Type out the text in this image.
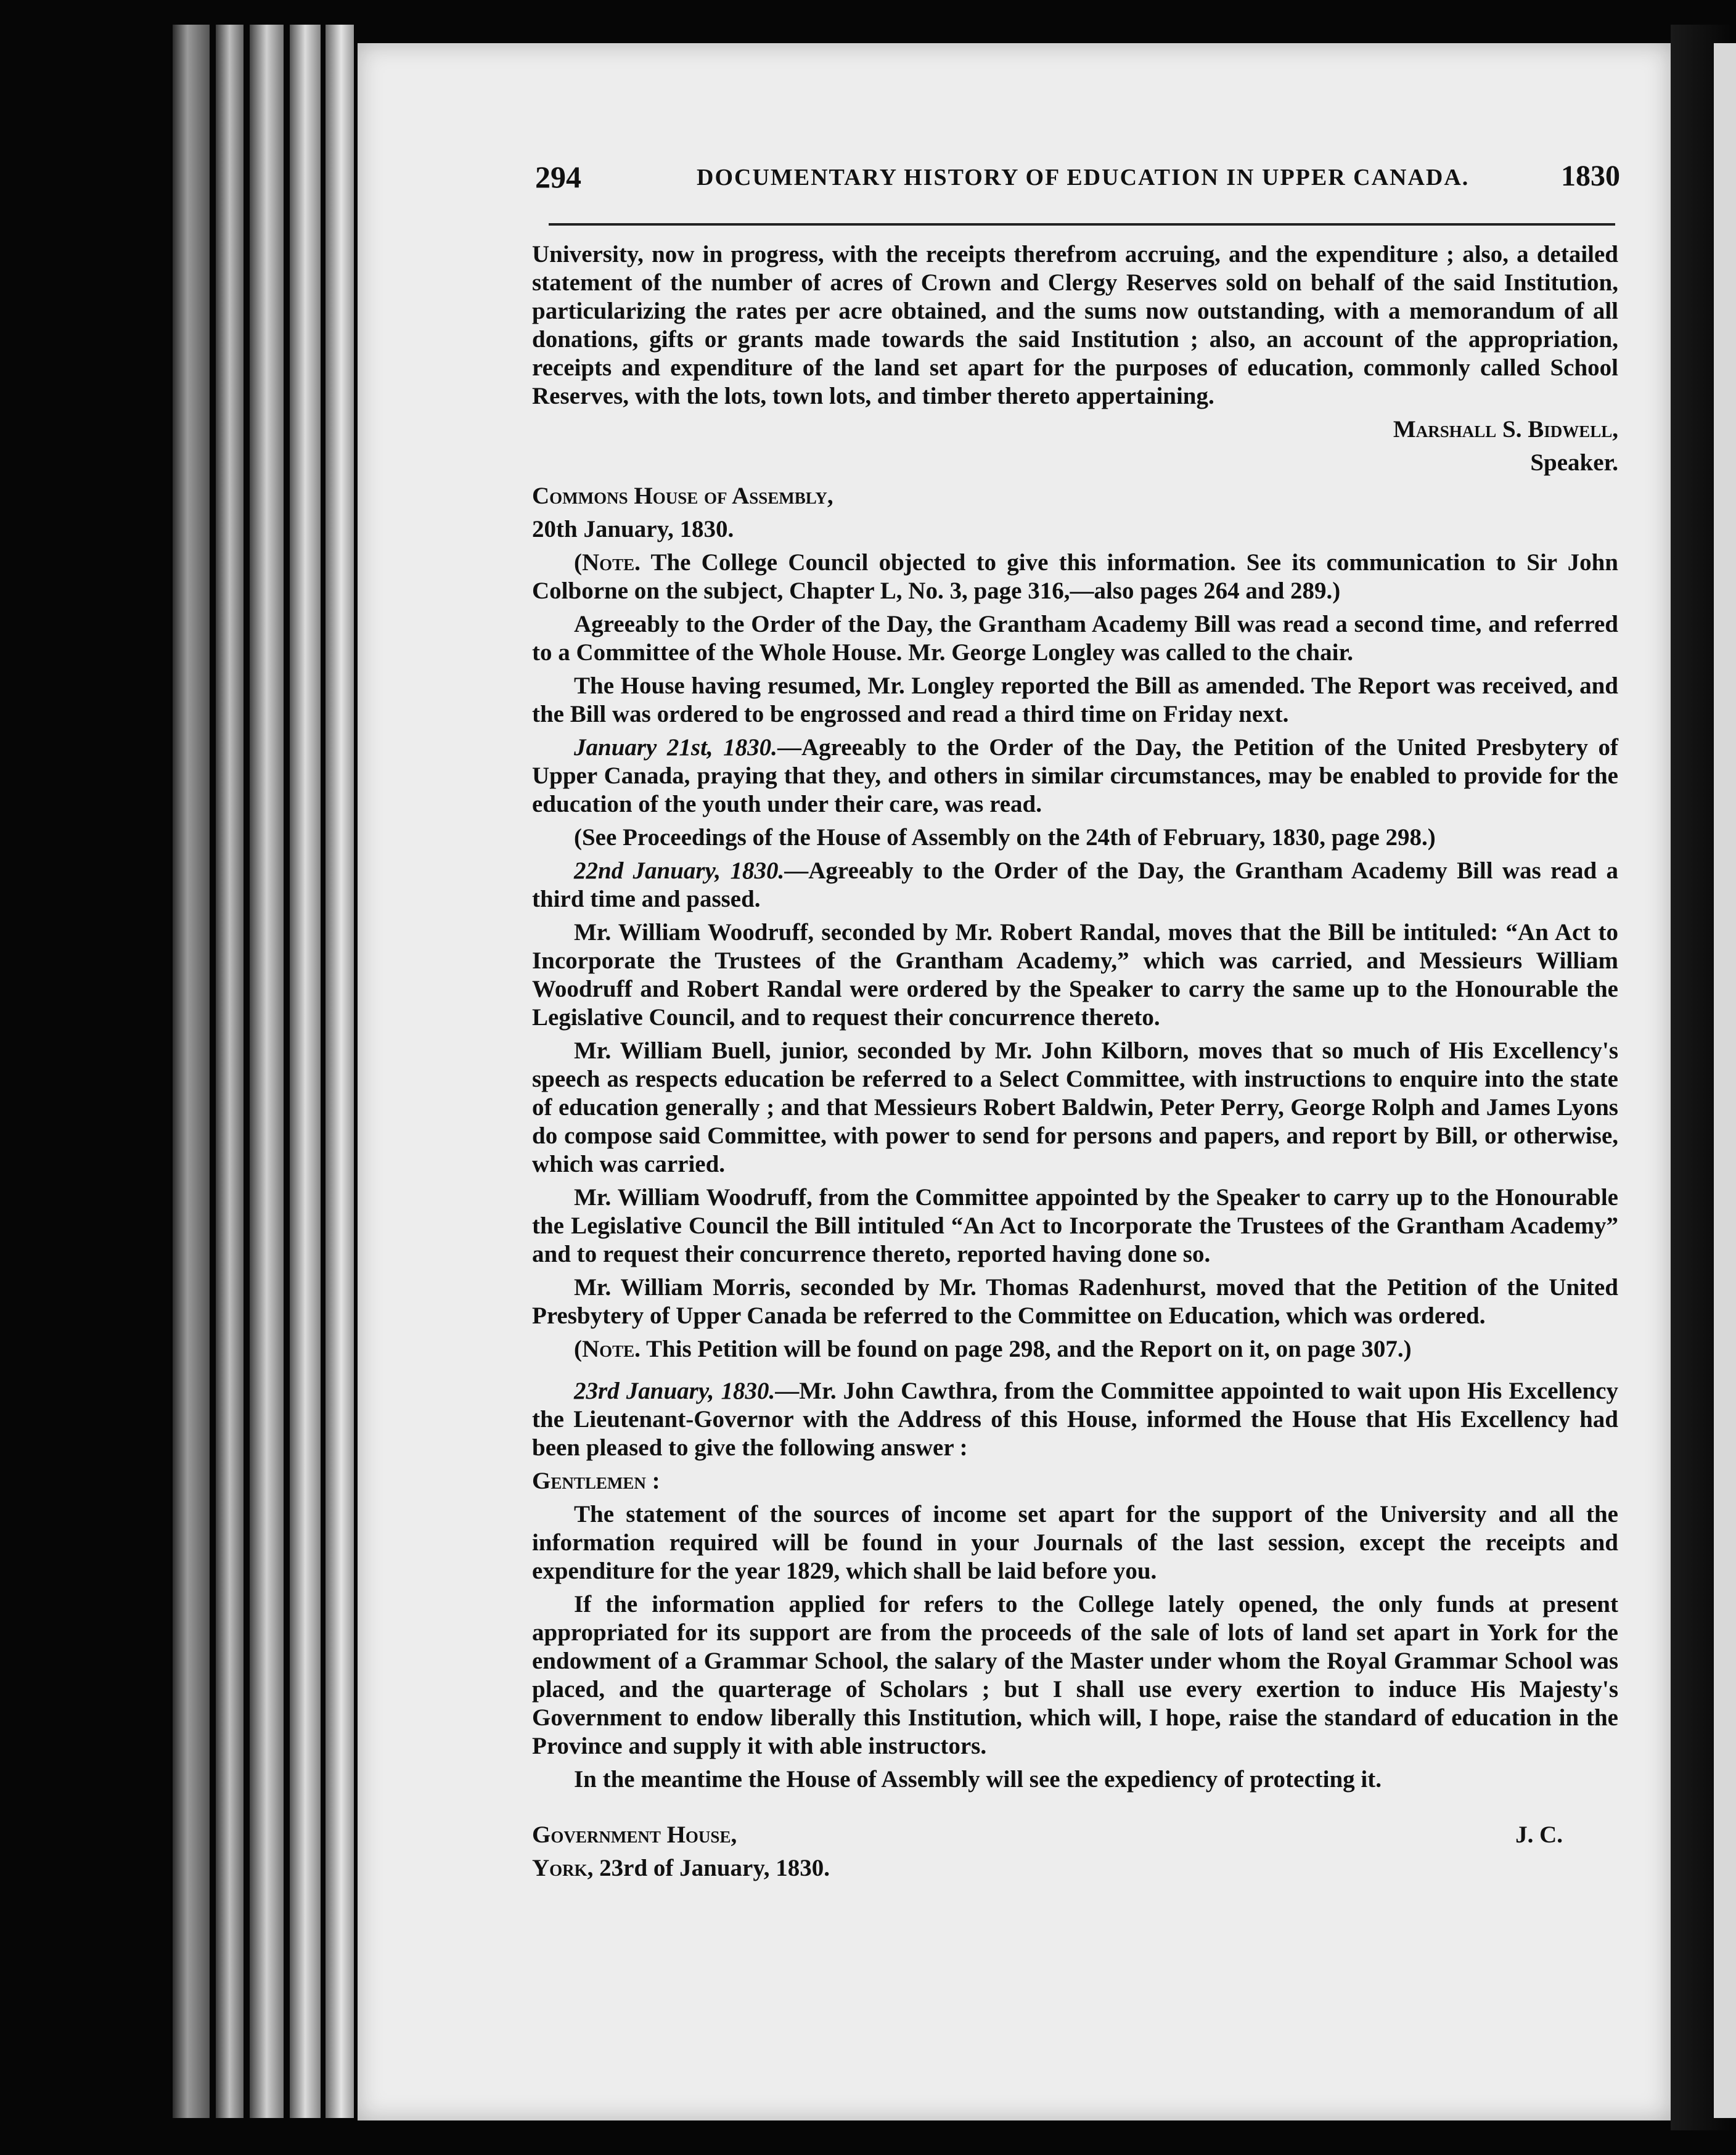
294	DOCUMENTARY HISTORY OF EDUCATION IN UPPER CANADA.	1830

University, now in progress, with the receipts therefrom accruing, and the expenditure ; also, a detailed statement of the number of acres of Crown and Clergy Reserves sold on behalf of the said Institution, particularizing the rates per acre obtained, and the sums now outstanding, with a memorandum of all donations, gifts or grants made towards the said Institution ; also, an account of the appropriation, receipts and expenditure of the land set apart for the purposes of education, commonly called School Reserves, with the lots, town lots, and timber thereto appertaining.

Marshall S. Bidwell,

Speaker.

Commons House of Assembly,

20th January, 1830.

(Note. The College Council objected to give this information. See its communication to Sir John Colborne on the subject, Chapter L, No. 3, page 316,—also pages 264 and 289.)

Agreeably to the Order of the Day, the Grantham Academy Bill was read a second time, and referred to a Committee of the Whole House. Mr. George Longley was called to the chair.

The House having resumed, Mr. Longley reported the Bill as amended. The Report was received, and the Bill was ordered to be engrossed and read a third time on Friday next.

January 21st, 1830.—Agreeably to the Order of the Day, the Petition of the United Presbytery of Upper Canada, praying that they, and others in similar circumstances, may be enabled to provide for the education of the youth under their care, was read.

(See Proceedings of the House of Assembly on the 24th of February, 1830, page 298.)

22nd January, 1830.—Agreeably to the Order of the Day, the Grantham Academy Bill was read a third time and passed.

Mr. William Woodruff, seconded by Mr. Robert Randal, moves that the Bill be intituled: “An Act to Incorporate the Trustees of the Grantham Academy,” which was carried, and Messieurs William Woodruff and Robert Randal were ordered by the Speaker to carry the same up to the Honourable the Legislative Council, and to request their concurrence thereto.

Mr. William Buell, junior, seconded by Mr. John Kilborn, moves that so much of His Excellency's speech as respects education be referred to a Select Committee, with instructions to enquire into the state of education generally ; and that Messieurs Robert Baldwin, Peter Perry, George Rolph and James Lyons do compose said Committee, with power to send for persons and papers, and report by Bill, or otherwise, which was carried.

Mr. William Woodruff, from the Committee appointed by the Speaker to carry up to the Honourable the Legislative Council the Bill intituled “An Act to Incorporate the Trustees of the Grantham Academy” and to request their concurrence thereto, reported having done so.

Mr. William Morris, seconded by Mr. Thomas Radenhurst, moved that the Petition of the United Presbytery of Upper Canada be referred to the Committee on Education, which was ordered.

(Note. This Petition will be found on page 298, and the Report on it, on page 307.)

23rd January, 1830.—Mr. John Cawthra, from the Committee appointed to wait upon His Excellency the Lieutenant-Governor with the Address of this House, informed the House that His Excellency had been pleased to give the following answer :

Gentlemen :

The statement of the sources of income set apart for the support of the University and all the information required will be found in your Journals of the last session, except the receipts and expenditure for the year 1829, which shall be laid before you.

If the information applied for refers to the College lately opened, the only funds at present appropriated for its support are from the proceeds of the sale of lots of land set apart in York for the endowment of a Grammar School, the salary of the Master under whom the Royal Grammar School was placed, and the quarterage of Scholars ; but I shall use every exertion to induce His Majesty's Government to endow liberally this Institution, which will, I hope, raise the standard of education in the Province and supply it with able instructors.

In the meantime the House of Assembly will see the expediency of protecting it.

Government House,

York, 23rd of January, 1830.

J. C.
